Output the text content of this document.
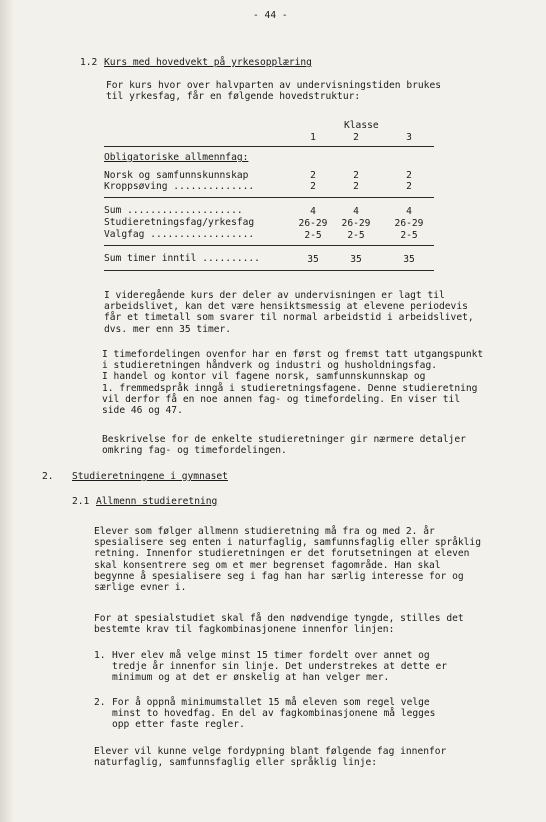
- 44 -
1.2 Kurs med hovedvekt på yrkesopplæring
For kurs hvor over halvparten av undervisningstiden brukes
til yrkesfag, får en følgende hovedstruktur:
Klasse
1	2	3
Obligatoriske allmennfag:
Norsk og samfunnskunnskap	2	2	2
Kroppsøving ..............	2	2	2
Sum ....................	4	4	4
Studieretningsfag/yrkesfag	26-29	26-29	26-29
Valgfag ..................	2-5	2-5	2-5
Sum timer inntil ..........	35	35	35
I videregående kurs der deler av undervisningen er lagt til
arbeidslivet, kan det være hensiktsmessig at elevene periodevis
får et timetall som svarer til normal arbeidstid i arbeidslivet,
dvs. mer enn 35 timer.
I timefordelingen ovenfor har en først og fremst tatt utgangspunkt
i studieretningen håndverk og industri og husholdningsfag.
I handel og kontor vil fagene norsk, samfunnskunnskap og
1. fremmedspråk inngå i studieretningsfagene. Denne studieretning
vil derfor få en noe annen fag- og timefordeling. En viser til
side 46 og 47.
Beskrivelse for de enkelte studieretninger gir nærmere detaljer
omkring fag- og timefordelingen.
2. Studieretningene i gymnaset
2.1 Allmenn studieretning
Elever som følger allmenn studieretning må fra og med 2. år
spesialisere seg enten i naturfaglig, samfunnsfaglig eller språklig
retning. Innenfor studieretningen er det forutsetningen at eleven
skal konsentrere seg om et mer begrenset fagområde. Han skal
begynne å spesialisere seg i fag han har særlig interesse for og
særlige evner i.
For at spesialstudiet skal få den nødvendige tyngde, stilles det
bestemte krav til fagkombinasjonene innenfor linjen:
1. Hver elev må velge minst 15 timer fordelt over annet og
tredje år innenfor sin linje. Det understrekes at dette er
minimum og at det er ønskelig at han velger mer.
2. For å oppnå minimumstallet 15 må eleven som regel velge
minst to hovedfag. En del av fagkombinasjonene må legges
opp etter faste regler.
Elever vil kunne velge fordypning blant følgende fag innenfor
naturfaglig, samfunnsfaglig eller språklig linje:
